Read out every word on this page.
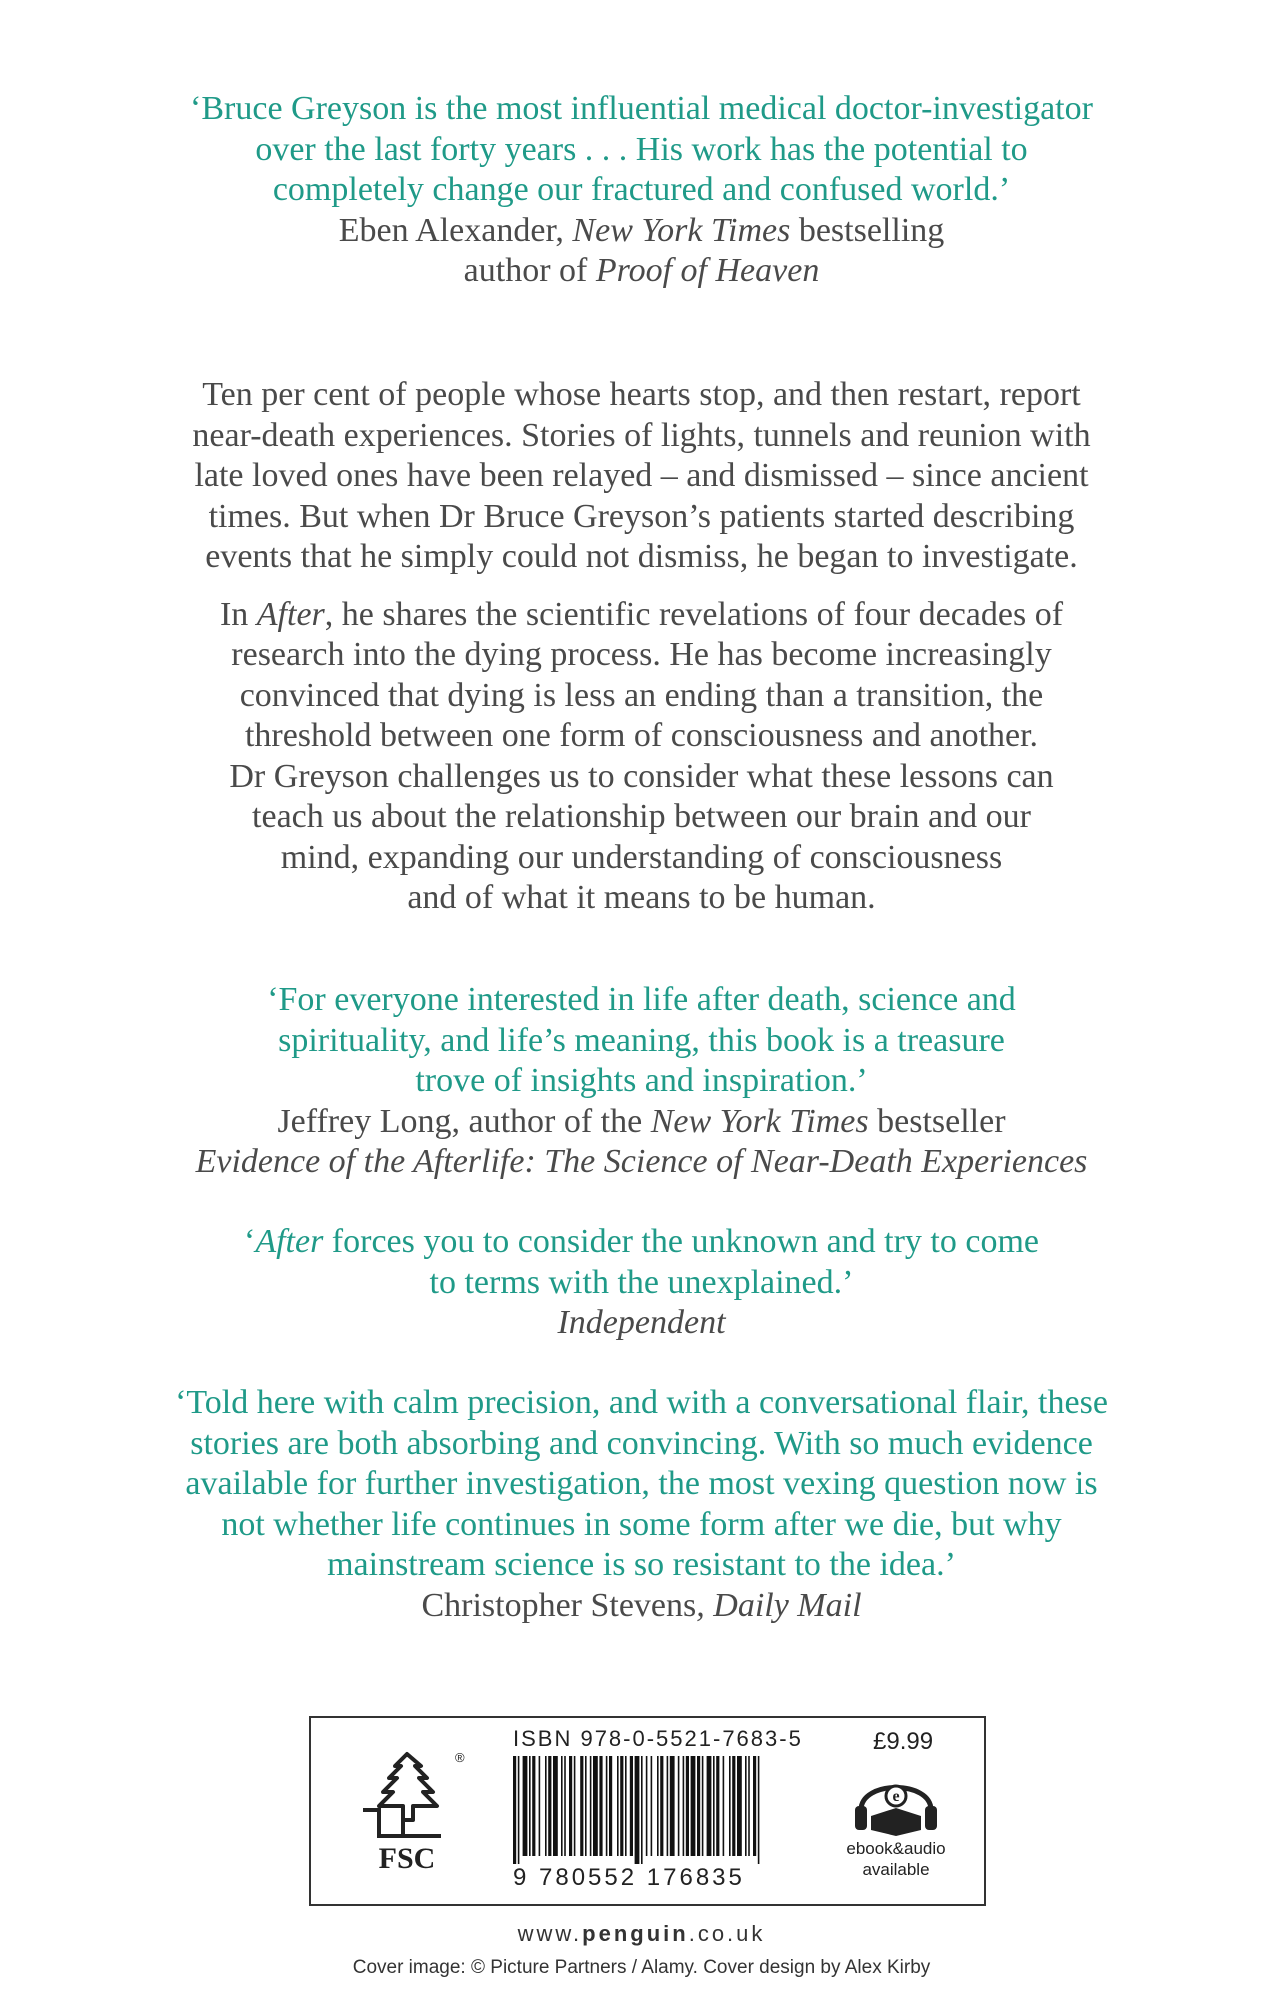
‘Bruce Greyson is the most influential medical doctor-investigator
over the last forty years . . . His work has the potential to
completely change our fractured and confused world.’
Eben Alexander, New York Times bestselling
author of Proof of Heaven
Ten per cent of people whose hearts stop, and then restart, report
near-death experiences. Stories of lights, tunnels and reunion with
late loved ones have been relayed – and dismissed – since ancient
times. But when Dr Bruce Greyson’s patients started describing
events that he simply could not dismiss, he began to investigate.
In After, he shares the scientific revelations of four decades of
research into the dying process. He has become increasingly
convinced that dying is less an ending than a transition, the
threshold between one form of consciousness and another.
Dr Greyson challenges us to consider what these lessons can
teach us about the relationship between our brain and our
mind, expanding our understanding of consciousness
and of what it means to be human.
‘For everyone interested in life after death, science and
spirituality, and life’s meaning, this book is a treasure
trove of insights and inspiration.’
Jeffrey Long, author of the New York Times bestseller
Evidence of the Afterlife: The Science of Near-Death Experiences
‘After forces you to consider the unknown and try to come
to terms with the unexplained.’
Independent
‘Told here with calm precision, and with a conversational flair, these
stories are both absorbing and convincing. With so much evidence
available for further investigation, the most vexing question now is
not whether life continues in some form after we die, but why
mainstream science is so resistant to the idea.’
Christopher Stevens, Daily Mail
®
FSC
ISBN 978-0-5521-7683-5
9 780552 176835
£9.99
e
ebook&audio
available
www.penguin.co.uk
Cover image: © Picture Partners / Alamy. Cover design by Alex Kirby
